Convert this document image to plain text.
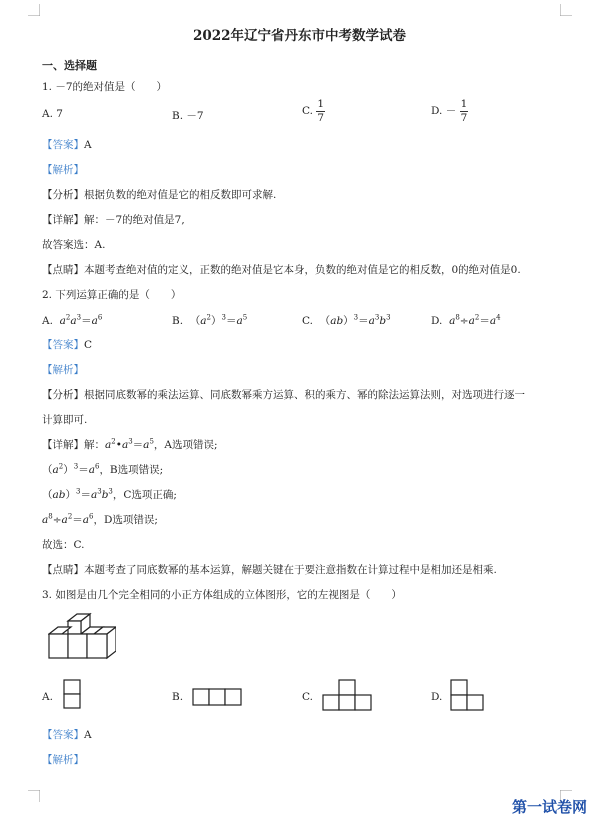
2022年辽宁省丹东市中考数学试卷
一、选择题
1. －7的绝对值是（　　）
A. 7	B. －7	C. $\frac{1}{7}$	D. － $\frac{1}{7}$
【答案】A
【解析】
【分析】根据负数的绝对值是它的相反数即可求解.
【详解】解：－7的绝对值是7,
故答案选：A.
【点睛】本题考查绝对值的定义，正数的绝对值是它本身，负数的绝对值是它的相反数，0的绝对值是0.
2. 下列运算正确的是（　　）
A.  $a^2a^3=a^6$	B.  $(a^2)^3=a^5$	C.  $(ab)^3=a^3b^3$	D.  $a^8\div a^2=a^4$
【答案】C
【解析】
【分析】根据同底数幂的乘法运算、同底数幂乘方运算、积的乘方、幂的除法运算法则，对选项进行逐一
计算即可.
【详解】解：$a^2•a^3=a^5$，A选项错误;
$(a^2)^3=a^6$，B选项错误;
$(ab)^3=a^3b^3$，C选项正确;
$a^8\div a^2=a^6$，D选项错误;
故选：C.
【点睛】本题考查了同底数幂的基本运算，解题关键在于要注意指数在计算过程中是相加还是相乘.
3. 如图是由几个完全相同的小正方体组成的立体图形，它的左视图是（　　）
A.	B.	C.	D.
【答案】A
【解析】
第一试卷网
